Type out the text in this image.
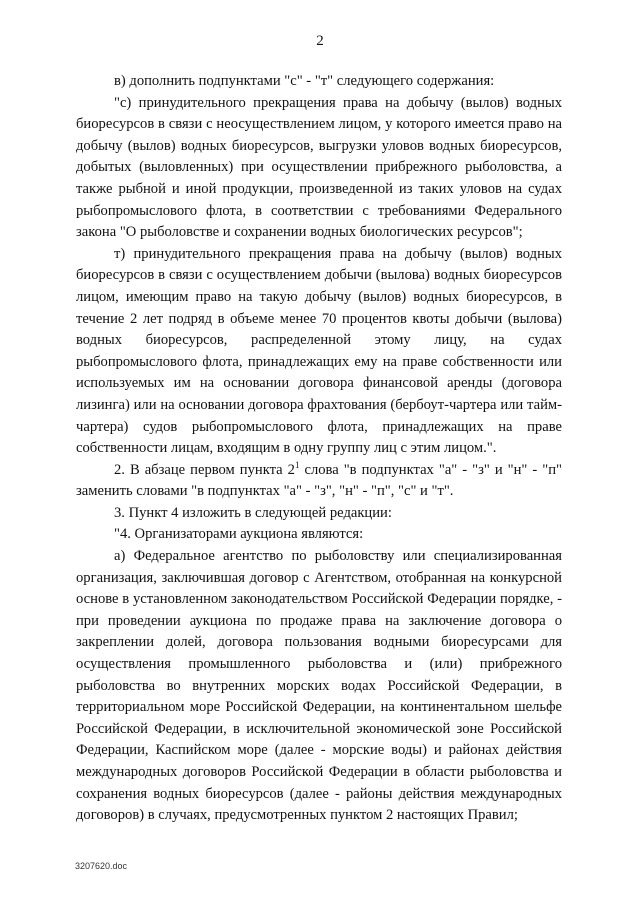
2

в) дополнить подпунктами "с" - "т" следующего содержания:

"с) принудительного прекращения права на добычу (вылов) водных биоресурсов в связи с неосуществлением лицом, у которого имеется право на добычу (вылов) водных биоресурсов, выгрузки уловов водных биоресурсов, добытых (выловленных) при осуществлении прибрежного рыболовства, а также рыбной и иной продукции, произведенной из таких уловов на судах рыбопромыслового флота, в соответствии с требованиями Федерального закона "О рыболовстве и сохранении водных биологических ресурсов";

т) принудительного прекращения права на добычу (вылов) водных биоресурсов в связи с осуществлением добычи (вылова) водных биоресурсов лицом, имеющим право на такую добычу (вылов) водных биоресурсов, в течение 2 лет подряд в объеме менее 70 процентов квоты добычи (вылова) водных биоресурсов, распределенной этому лицу, на судах рыбопромыслового флота, принадлежащих ему на праве собственности или используемых им на основании договора финансовой аренды (договора лизинга) или на основании договора фрахтования (бербоут-чартера или тайм-чартера) судов рыбопромыслового флота, принадлежащих на праве собственности лицам, входящим в одну группу лиц с этим лицом.".

2. В абзаце первом пункта $2^1$ слова "в подпунктах "а" - "з" и "н" - "п" заменить словами "в подпунктах "а" - "з", "н" - "п", "с" и "т".

3. Пункт 4 изложить в следующей редакции:

"4. Организаторами аукциона являются:

а) Федеральное агентство по рыболовству или специализированная организация, заключившая договор с Агентством, отобранная на конкурсной основе в установленном законодательством Российской Федерации порядке, - при проведении аукциона по продаже права на заключение договора о закреплении долей, договора пользования водными биоресурсами для осуществления промышленного рыболовства и (или) прибрежного рыболовства во внутренних морских водах Российской Федерации, в территориальном море Российской Федерации, на континентальном шельфе Российской Федерации, в исключительной экономической зоне Российской Федерации, Каспийском море (далее - морские воды) и районах действия международных договоров Российской Федерации в области рыболовства и сохранения водных биоресурсов (далее - районы действия международных договоров) в случаях, предусмотренных пунктом 2 настоящих Правил;

3207620.doc
